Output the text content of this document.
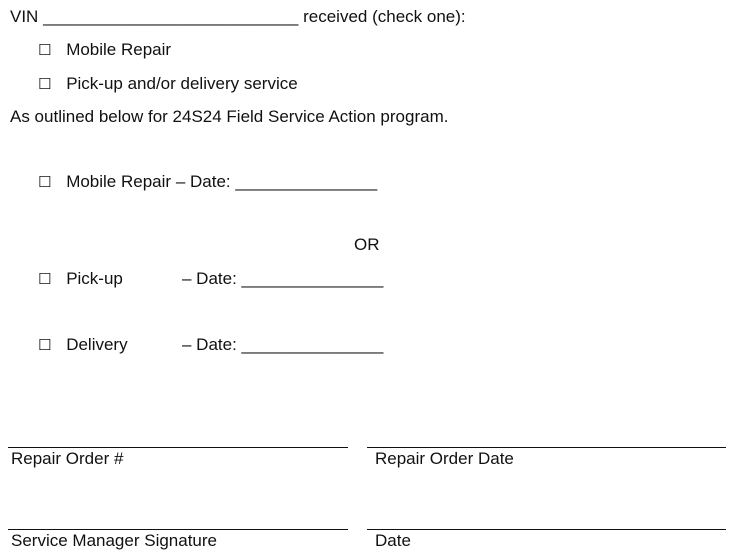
VIN ___________________________ received (check one):
☐ Mobile Repair
☐ Pick-up and/or delivery service
As outlined below for 24S24 Field Service Action program.
☐ Mobile Repair – Date: _______________
OR
☐ Pick-up	– Date: _______________
☐ Delivery	– Date: _______________
Repair Order #	Repair Order Date
Service Manager Signature	Date
